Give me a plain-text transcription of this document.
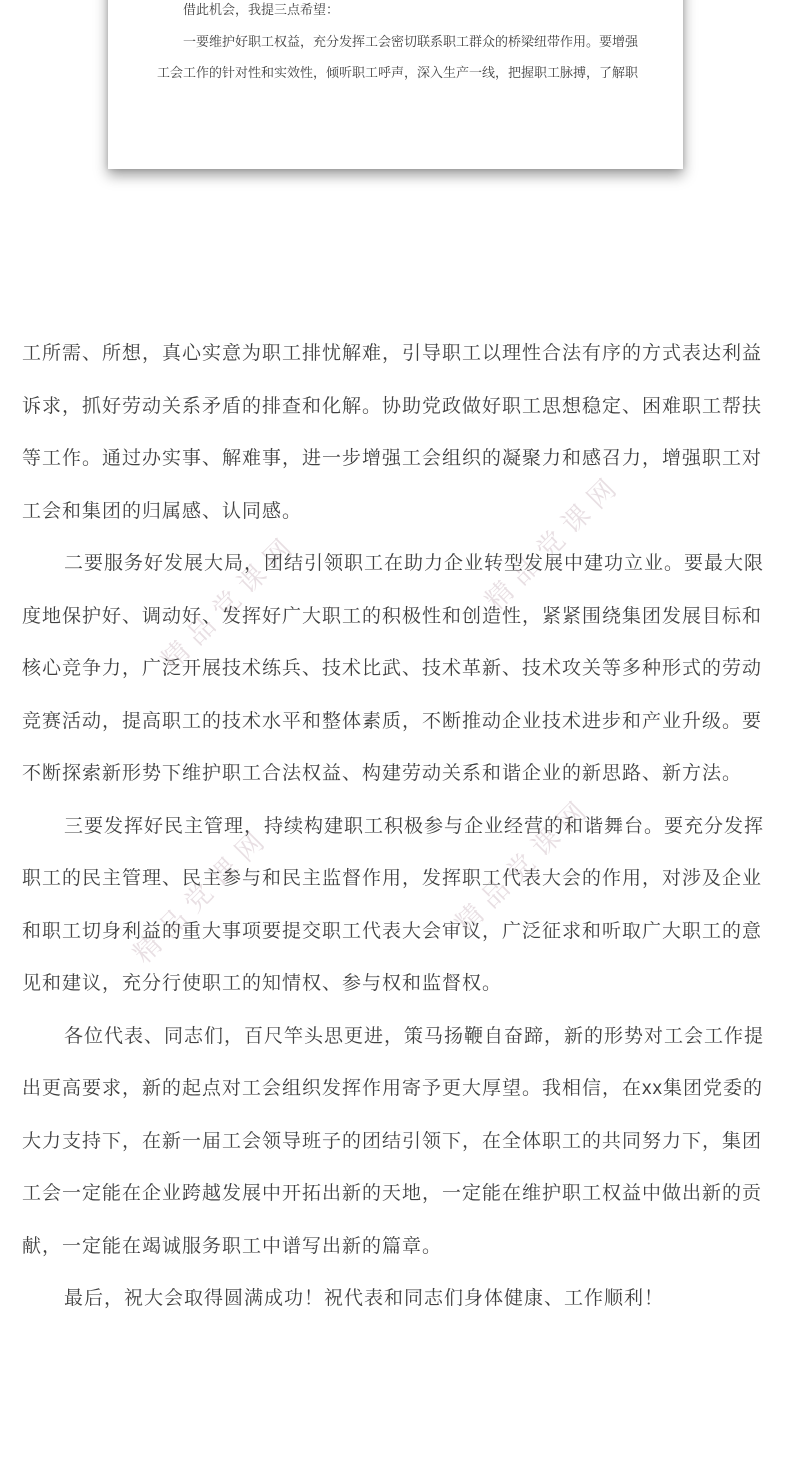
精品党课网	精品党课网
精品党课网	精品党课网
借此机会，我提三点希望：
一要维护好职工权益，充分发挥工会密切联系职工群众的桥梁纽带作用。要增强
工会工作的针对性和实效性，倾听职工呼声，深入生产一线，把握职工脉搏，了解职
工所需、所想，真心实意为职工排忧解难，引导职工以理性合法有序的方式表达利益
诉求，抓好劳动关系矛盾的排查和化解。协助党政做好职工思想稳定、困难职工帮扶
等工作。通过办实事、解难事，进一步增强工会组织的凝聚力和感召力，增强职工对
工会和集团的归属感、认同感。
二要服务好发展大局，团结引领职工在助力企业转型发展中建功立业。要最大限
度地保护好、调动好、发挥好广大职工的积极性和创造性，紧紧围绕集团发展目标和
核心竞争力，广泛开展技术练兵、技术比武、技术革新、技术攻关等多种形式的劳动
竞赛活动，提高职工的技术水平和整体素质，不断推动企业技术进步和产业升级。要
不断探索新形势下维护职工合法权益、构建劳动关系和谐企业的新思路、新方法。
三要发挥好民主管理，持续构建职工积极参与企业经营的和谐舞台。要充分发挥
职工的民主管理、民主参与和民主监督作用，发挥职工代表大会的作用，对涉及企业
和职工切身利益的重大事项要提交职工代表大会审议，广泛征求和听取广大职工的意
见和建议，充分行使职工的知情权、参与权和监督权。
各位代表、同志们，百尺竿头思更进，策马扬鞭自奋蹄，新的形势对工会工作提
出更高要求，新的起点对工会组织发挥作用寄予更大厚望。我相信，在xx集团党委的
大力支持下，在新一届工会领导班子的团结引领下，在全体职工的共同努力下，集团
工会一定能在企业跨越发展中开拓出新的天地，一定能在维护职工权益中做出新的贡
献，一定能在竭诚服务职工中谱写出新的篇章。
最后，祝大会取得圆满成功！祝代表和同志们身体健康、工作顺利！
